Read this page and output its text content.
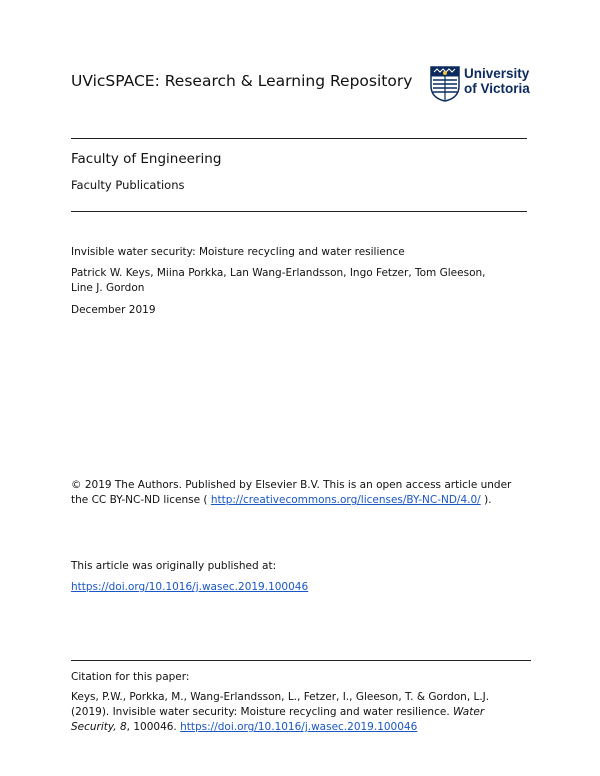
UVicSPACE: Research & Learning Repository	University
of Victoria
Faculty of Engineering
Faculty Publications
Invisible water security: Moisture recycling and water resilience
Patrick W. Keys, Miina Porkka, Lan Wang-Erlandsson, Ingo Fetzer, Tom Gleeson,
Line J. Gordon
December 2019
© 2019 The Authors. Published by Elsevier B.V. This is an open access article under
the CC BY-NC-ND license ( http://creativecommons.org/licenses/BY-NC-ND/4.0/ ).
This article was originally published at:
https://doi.org/10.1016/j.wasec.2019.100046
Citation for this paper:
Keys, P.W., Porkka, M., Wang-Erlandsson, L., Fetzer, I., Gleeson, T. & Gordon, L.J.
(2019). Invisible water security: Moisture recycling and water resilience. Water
Security, 8, 100046. https://doi.org/10.1016/j.wasec.2019.100046
